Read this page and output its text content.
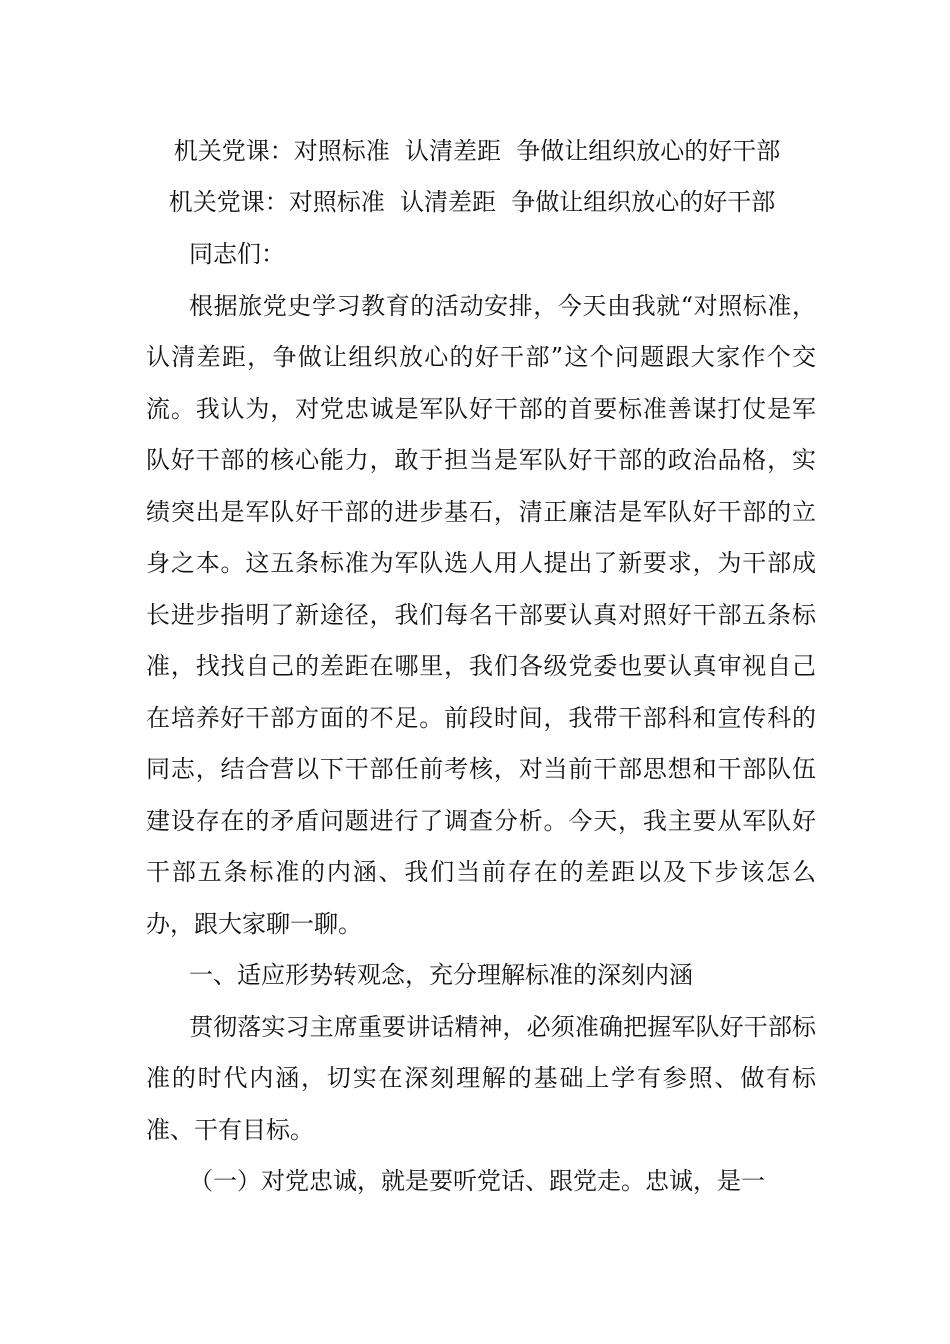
机关党课：对照标准  认清差距  争做让组织放心的好干部
机关党课：对照标准  认清差距  争做让组织放心的好干部

同志们：

根据旅党史学习教育的活动安排，今天由我就“对照标准，认清差距，争做让组织放心的好干部”这个问题跟大家作个交流。我认为，对党忠诚是军队好干部的首要标准善谋打仗是军队好干部的核心能力，敢于担当是军队好干部的政治品格，实绩突出是军队好干部的进步基石，清正廉洁是军队好干部的立身之本。这五条标准为军队选人用人提出了新要求，为干部成长进步指明了新途径，我们每名干部要认真对照好干部五条标准，找找自己的差距在哪里，我们各级党委也要认真审视自己在培养好干部方面的不足。前段时间，我带干部科和宣传科的同志，结合营以下干部任前考核，对当前干部思想和干部队伍建设存在的矛盾问题进行了调查分析。今天，我主要从军队好干部五条标准的内涵、我们当前存在的差距以及下步该怎么办，跟大家聊一聊。

一、适应形势转观念，充分理解标准的深刻内涵

贯彻落实习主席重要讲话精神，必须准确把握军队好干部标准的时代内涵，切实在深刻理解的基础上学有参照、做有标准、干有目标。

（一）对党忠诚，就是要听党话、跟党走。忠诚，是一
